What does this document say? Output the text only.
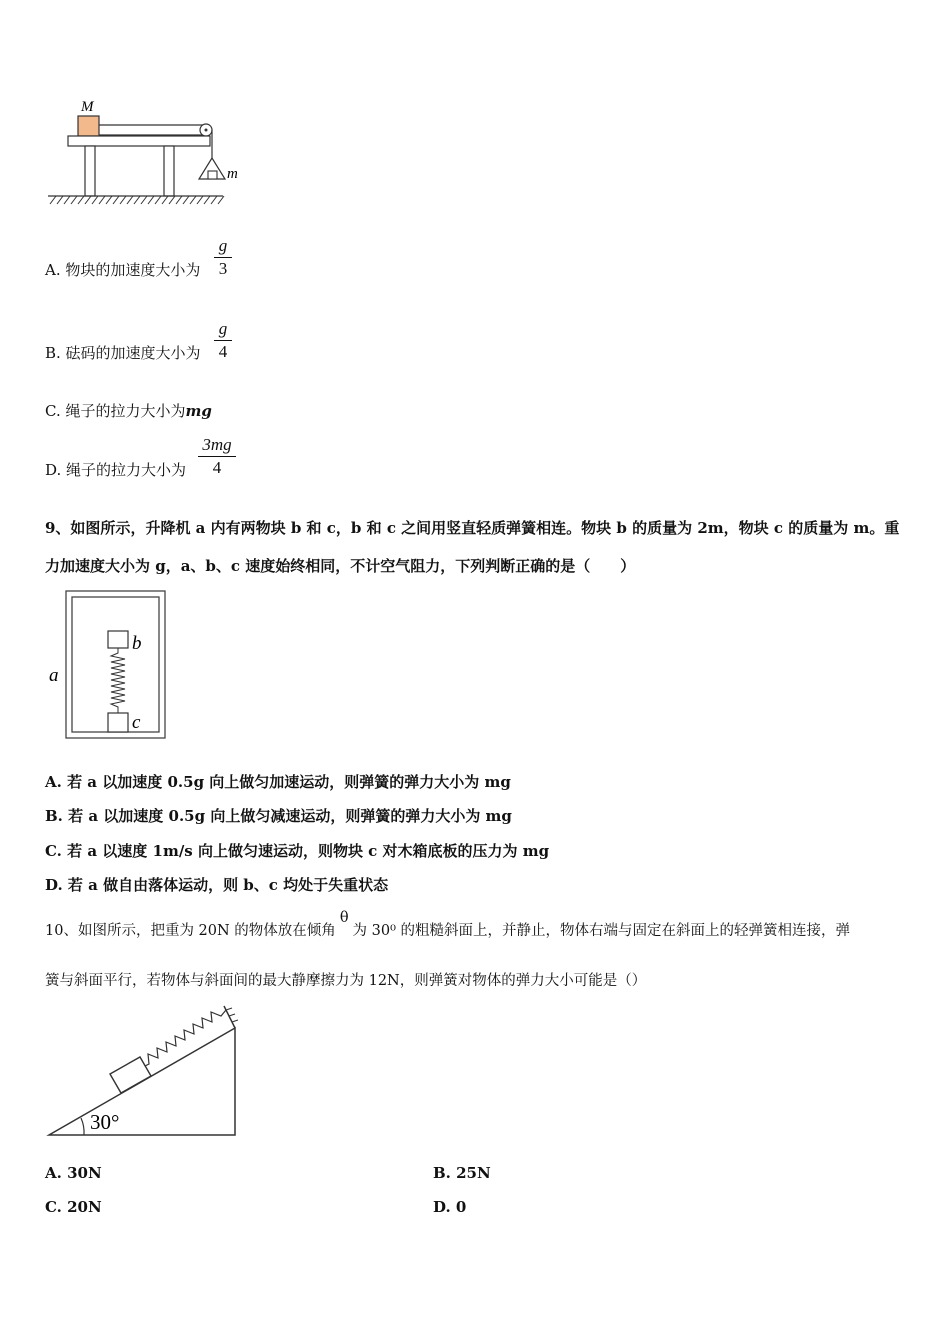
M
m
A. 物块的加速度大小为
g
3
B. 砝码的加速度大小为
g
4
C. 绳子的拉力大小为mg
D. 绳子的拉力大小为
3mg
4
9、如图所示，升降机 a 内有两物块 b 和 c，b 和 c 之间用竖直轻质弹簧相连。物块 b 的质量为 2m，物块 c 的质量为 m。重
力加速度大小为 g，a、b、c 速度始终相同，不计空气阻力，下列判断正确的是（　　）
a
b
c
A. 若 a 以加速度 0.5g 向上做匀加速运动，则弹簧的弹力大小为 mg
B. 若 a 以加速度 0.5g 向上做匀减速运动，则弹簧的弹力大小为 mg
C. 若 a 以速度 1m/s 向上做匀速运动，则物块 c 对木箱底板的压力为 mg
D. 若 a 做自由落体运动，则 b、c 均处于失重状态
10、如图所示，把重为 20N 的物体放在倾角θ为 30⁰ 的粗糙斜面上，并静止，物体右端与固定在斜面上的轻弹簧相连接，弹
簧与斜面平行，若物体与斜面间的最大静摩擦力为 12N，则弹簧对物体的弹力大小可能是（）
30°
A. 30N	B. 25N
C. 20N	D. 0
